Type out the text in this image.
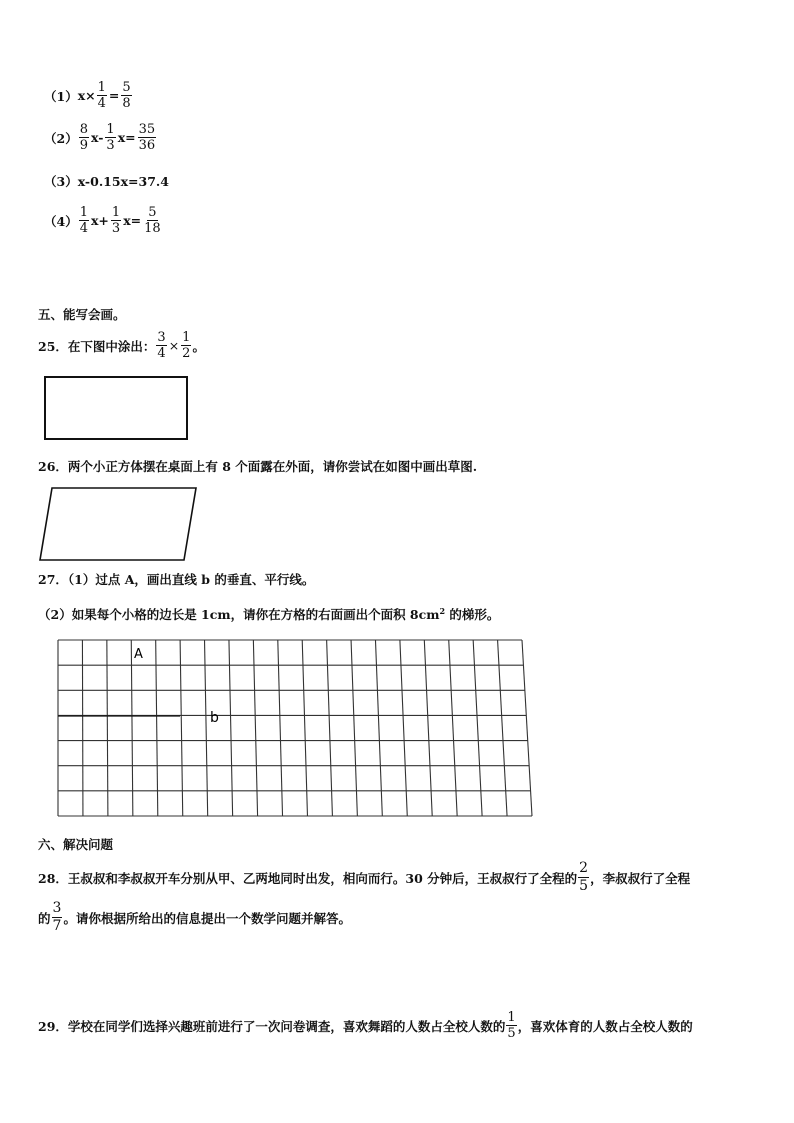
（1） $x\times \frac{1}{4} = \frac{5}{8}$
$(2) \frac{8}{9} x- \frac{1}{3} x= \frac{35}{36}$
（3） x-0.15x=37.4
$(4) \frac{1}{4} x+ \frac{1}{3} x= \frac{5}{18}$
五、能写会画。
25．在下图中涂出： $\frac{3}{4} \times \frac{1}{2}$ 。
26．两个小正方体摆在桌面上有 8 个面露在外面，请你尝试在如图中画出草图.
27．（1）过点 A，画出直线 b 的垂直、平行线。
（2）如果每个小格的边长是 1cm，请你在方格的右面画出个面积 $8cm^2$ 的梯形。
A
b
六、解决问题
28．王叔叔和李叔叔开车分别从甲、乙两地同时出发，相向而行。30 分钟后，王叔叔行了全程的 $\frac{2}{5}$ ，李叔叔行了全程
的 $\frac{3}{7}$ 。请你根据所给出的信息提出一个数学问题并解答。
29．学校在同学们选择兴趣班前进行了一次问卷调查，喜欢舞蹈的人数占全校人数的 $\frac{1}{5}$ ，喜欢体育的人数占全校人数的
